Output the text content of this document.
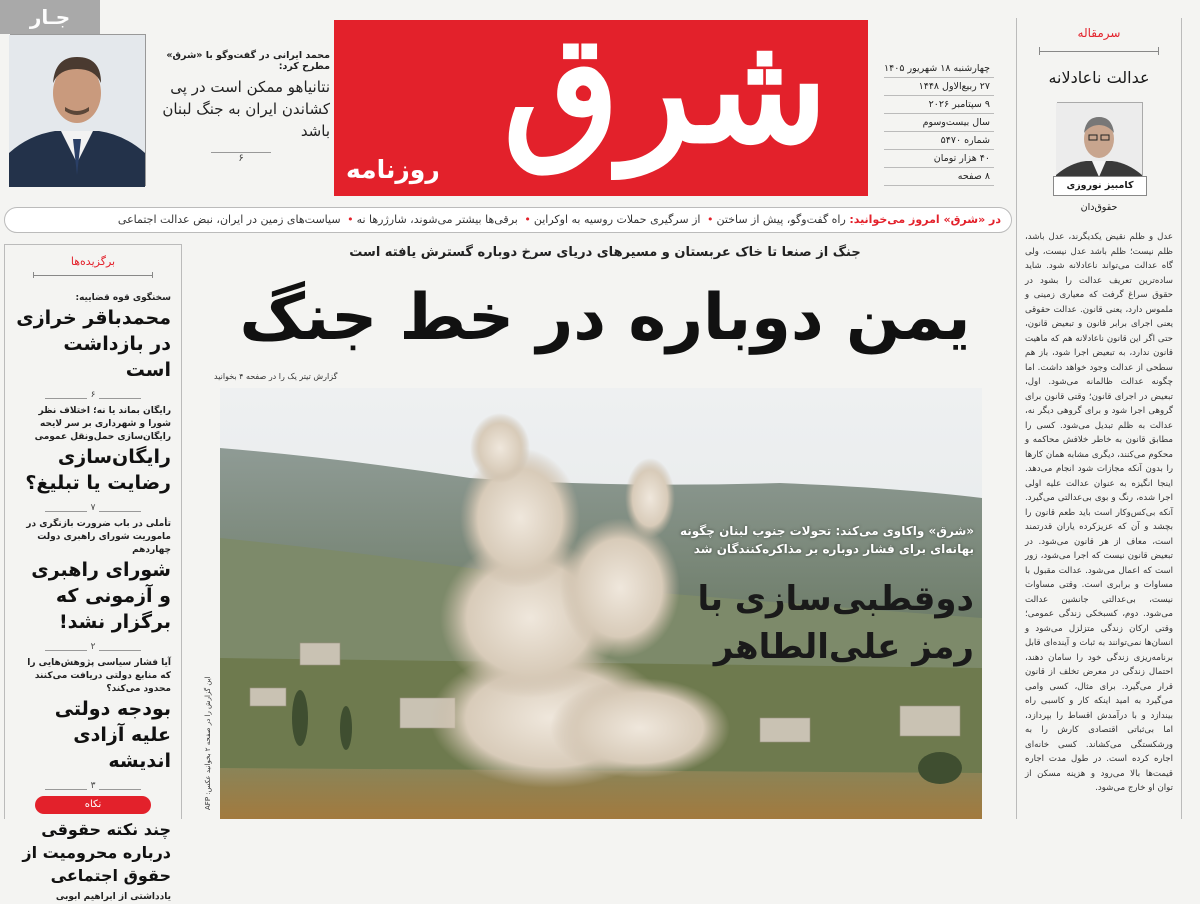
جـار
محمد ایرانی در گفت‌وگو با «شرق» مطرح کرد:
نتانیاهو ممکن است در پی کشاندن ایران به جنگ لبنان باشد
۶	شرق
روزنامه
چهارشنبه ۱۸ شهریور ۱۴۰۵
۲۷ ربیع‌الاول ۱۴۴۸
۹ سپتامبر ۲۰۲۶
سال بیست‌وسوم
شماره ۵۴۷۰
۴۰ هزار تومان
۸ صفحه
سرمقاله
عدالت ناعادلانه
کامبیز نوروزی
حقوق‌دان
عدل و ظلم نقیض یکدیگرند، عدل باشد، ظلم نیست؛ ظلم باشد عدل نیست، ولی گاه عدالت می‌تواند ناعادلانه شود. شاید ساده‌ترین تعریف عدالت را بشود در حقوق سراغ گرفت که معیاری زمینی و ملموس دارد، یعنی قانون. عدالت حقوقی یعنی اجرای برابر قانون و تبعیض قانون، حتی اگر این قانون ناعادلانه هم که ماهیت قانون ندارد، به تبعیض اجرا شود، باز هم سطحی از عدالت وجود خواهد داشت. اما چگونه عدالت ظالمانه می‌شود. اول، تبعیض در اجرای قانون؛ وقتی قانون برای گروهی اجرا شود و برای گروهی دیگر نه، عدالت به ظلم تبدیل می‌شود. کسی را مطابق قانون به خاطر خلافش محاکمه و محکوم می‌کنند، دیگری مشابه همان کارها را بدون آنکه مجازات شود انجام می‌دهد. اینجا انگیزه به عنوان عدالت علیه اولی اجرا شده، رنگ و بوی بی‌عدالتی می‌گیرد. آنکه بی‌کس‌وکار است باید طعم قانون را بچشد و آن که عزیزکرده یاران قدرتمند است، معاف از هر قانون می‌شود. در تبعیض قانون نیست که اجرا می‌شود، زور است که اعمال می‌شود. عدالت مقبول با مساوات و برابری است. وقتی مساوات نیست، بی‌عدالتی جانشین عدالت می‌شود. دوم، کسبخکی زندگی عمومی؛ وقتی ارکان زندگی متزلزل می‌شود و انسان‌ها نمی‌توانند به ثبات و آینده‌ای قابل برنامه‌ریزی زندگی خود را سامان دهند، احتمال زندگی در معرض تخلف از قانون قرار می‌گیرد. برای مثال، کسی وامی می‌گیرد به امید اینکه کار و کاسبی راه بیندازد و با درآمدش اقساط را بپردازد، اما بی‌ثباتی اقتصادی کارش را به ورشکستگی می‌کشاند. کسی خانه‌ای اجاره کرده است. در طول مدت اجاره قیمت‌ها بالا می‌رود و هزینه مسکن از توان او خارج می‌شود.
در «شرق» امروز می‌خوانید: راه گفت‌وگو، پیش از ساختن• از سرگیری حملات روسیه به اوکراین• برقی‌ها بیشتر می‌شوند، شارژرها نه• سیاست‌های زمین در ایران، نبض عدالت اجتماعی
برگزیده‌ها
سخنگوی قوه قضاییه:
محمدباقر خرازی در بازداشت است
۶
رایگان بماند یا نه؛ اختلاف نظر شورا و شهرداری بر سر لایحه رایگان‌سازی حمل‌ونقل عمومی
رایگان‌سازی رضایت یا تبلیغ؟
۷
تأملی در باب ضرورت بازنگری در ماموریت شورای راهبری دولت چهاردهم
شورای راهبری و آزمونی که برگزار نشد!
۲
آیا فشار سیاسی پژوهش‌هایی را که منابع دولتی دریافت می‌کنند محدود می‌کند؟
بودجه دولتی علیه آزادی اندیشه
۳
نکاه
چند نکته حقوقی درباره محرومیت از حقوق اجتماعی
یادداشتی از ابراهیم ابوبی
جنگ از صنعا تا خاک عربستان و مسیرهای دریای سرخ دوباره گسترش یافته است
یمن دوباره در خط جنگ
گزارش تیتر یک را در صفحه ۴ بخوانید
این گزارش را در صفحه ۲ بخوانید عکس: AFP
«شرق» واکاوی می‌کند: تحولات جنوب لبنان چگونه بهانه‌ای برای فشار دوباره بر مذاکره‌کنندگان شد
دوقطبی‌سازی با رمز علی‌الطاهر
